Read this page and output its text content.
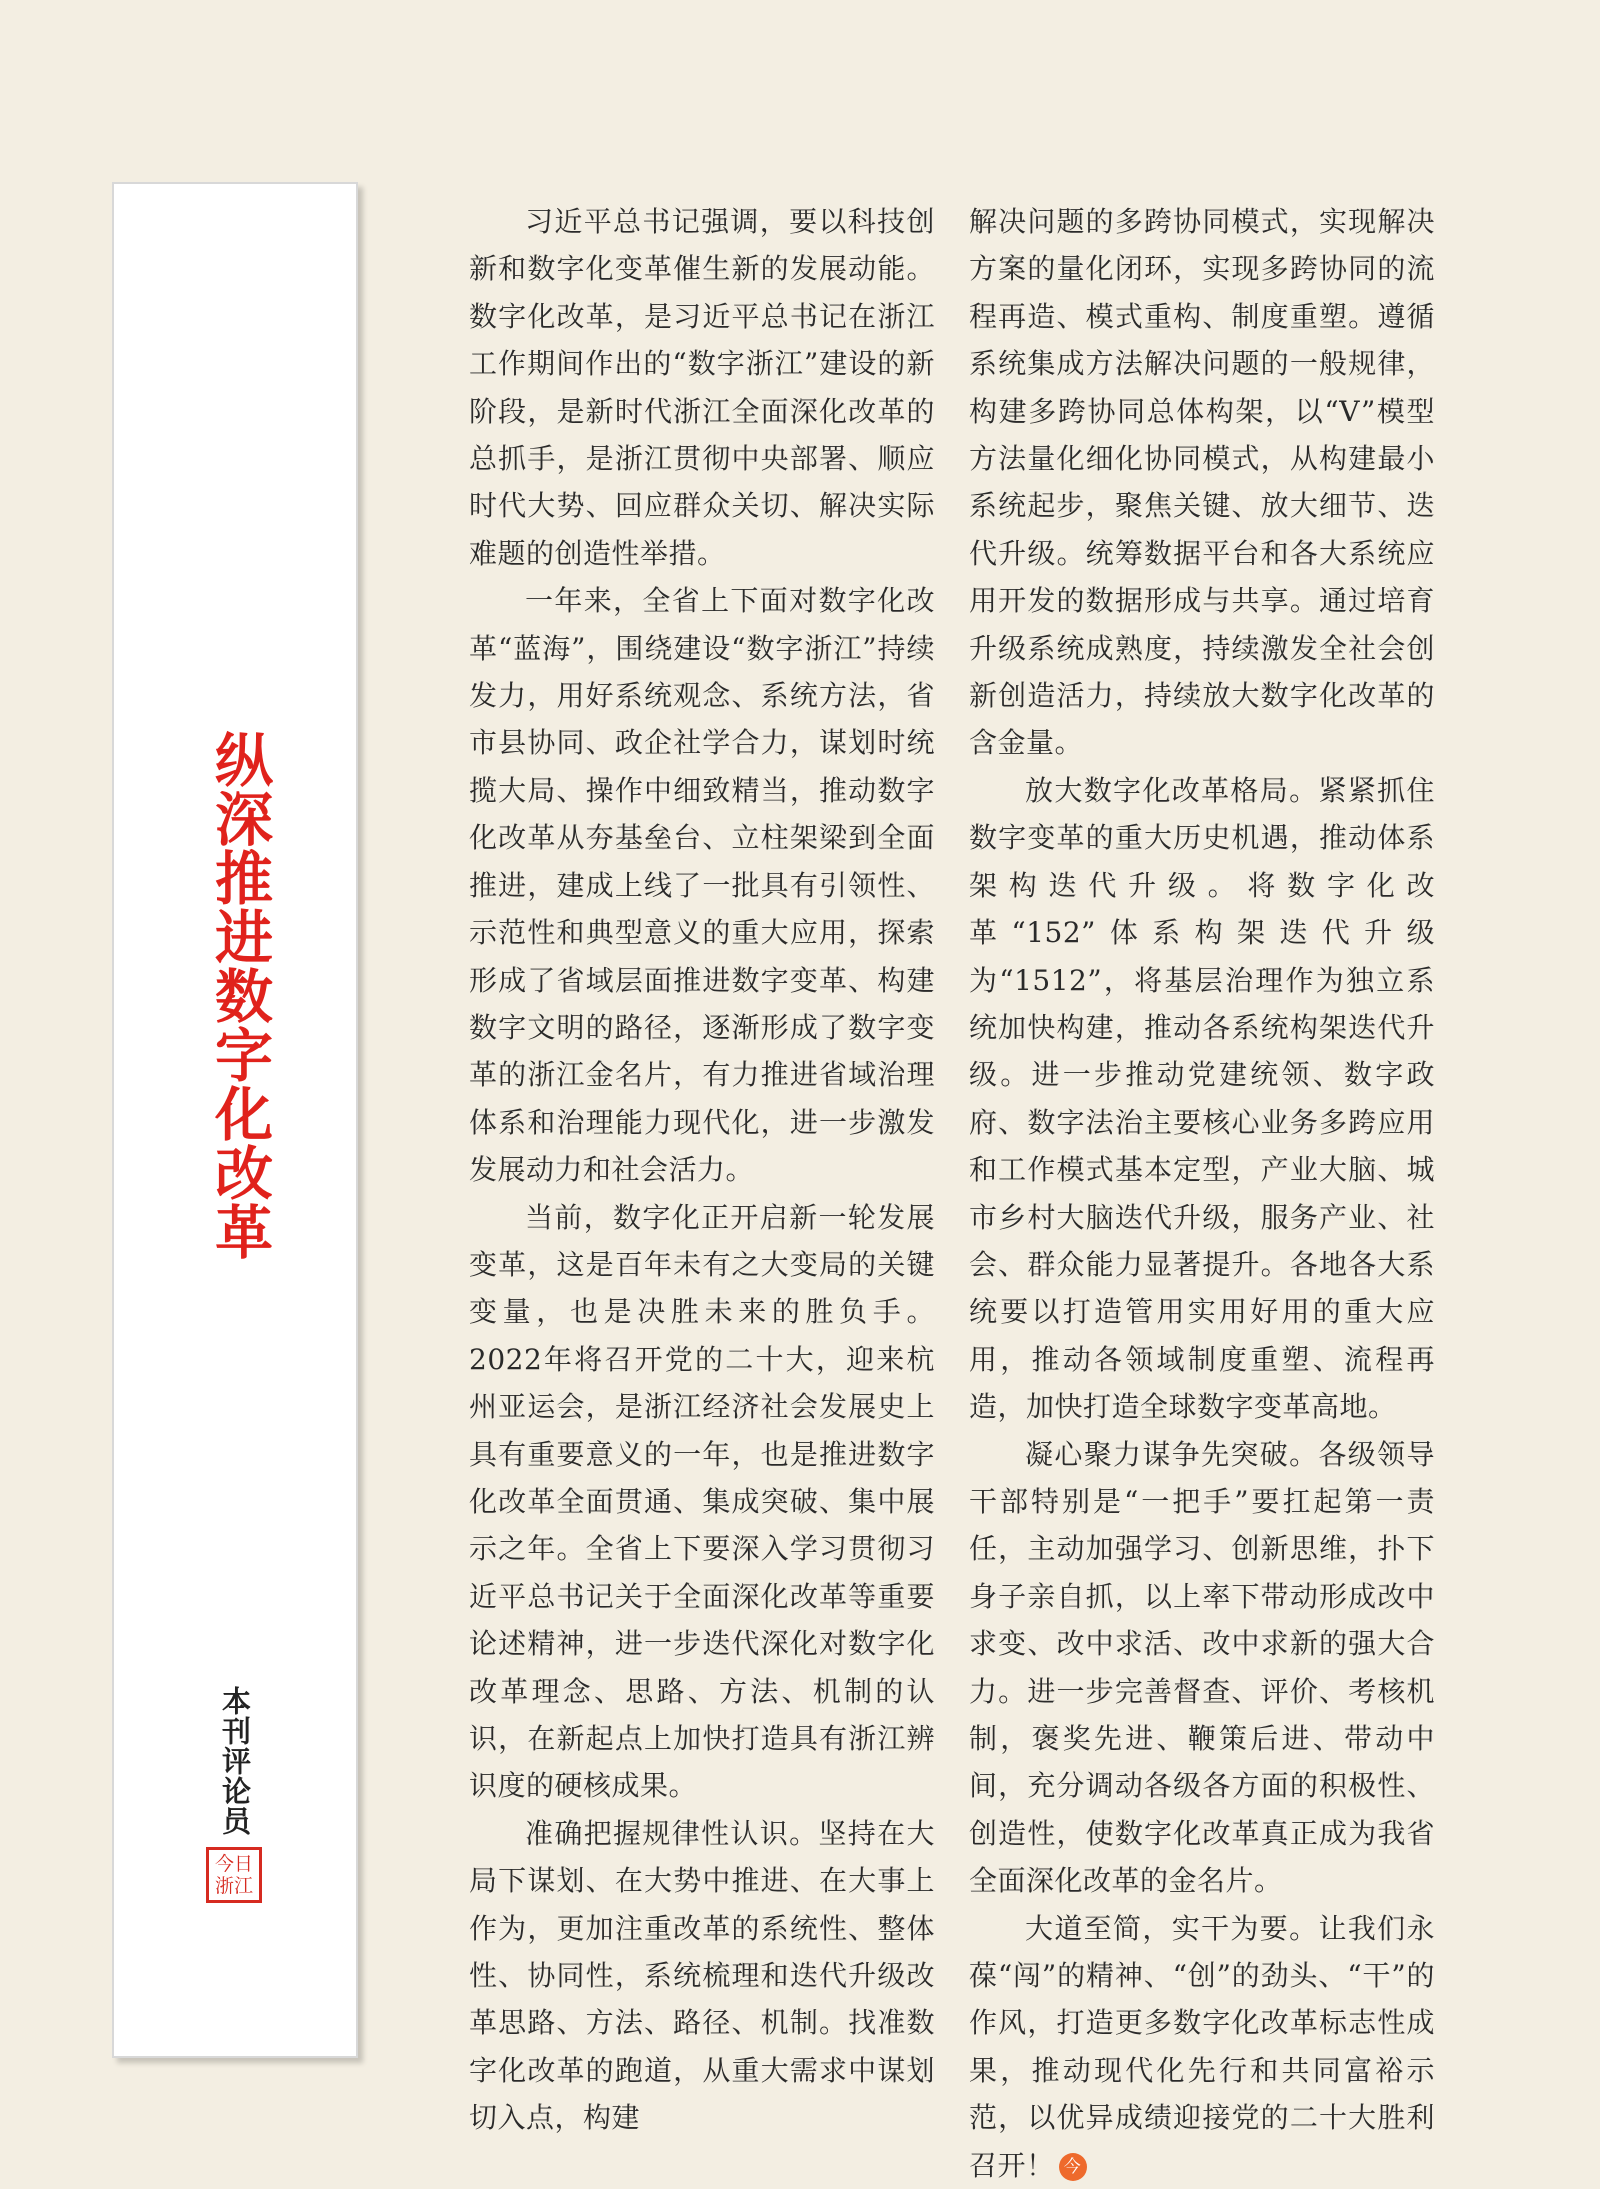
纵深推进数字化改革
本刊评论员
今日浙江

习近平总书记强调，要以科技创新和数字化变革催生新的发展动能。数字化改革，是习近平总书记在浙江工作期间作出的“数字浙江”建设的新阶段，是新时代浙江全面深化改革的总抓手，是浙江贯彻中央部署、顺应时代大势、回应群众关切、解决实际难题的创造性举措。

一年来，全省上下面对数字化改革“蓝海”，围绕建设“数字浙江”持续发力，用好系统观念、系统方法，省市县协同、政企社学合力，谋划时统揽大局、操作中细致精当，推动数字化改革从夯基垒台、立柱架梁到全面推进，建成上线了一批具有引领性、示范性和典型意义的重大应用，探索形成了省域层面推进数字变革、构建数字文明的路径，逐渐形成了数字变革的浙江金名片，有力推进省域治理体系和治理能力现代化，进一步激发发展动力和社会活力。

当前，数字化正开启新一轮发展变革，这是百年未有之大变局的关键变量，也是决胜未来的胜负手。2022年将召开党的二十大，迎来杭州亚运会，是浙江经济社会发展史上具有重要意义的一年，也是推进数字化改革全面贯通、集成突破、集中展示之年。全省上下要深入学习贯彻习近平总书记关于全面深化改革等重要论述精神，进一步迭代深化对数字化改革理念、思路、方法、机制的认识，在新起点上加快打造具有浙江辨识度的硬核成果。

准确把握规律性认识。坚持在大局下谋划、在大势中推进、在大事上作为，更加注重改革的系统性、整体性、协同性，系统梳理和迭代升级改革思路、方法、路径、机制。找准数字化改革的跑道，从重大需求中谋划切入点，构建

解决问题的多跨协同模式，实现解决方案的量化闭环，实现多跨协同的流程再造、模式重构、制度重塑。遵循系统集成方法解决问题的一般规律，构建多跨协同总体构架，以“V”模型方法量化细化协同模式，从构建最小系统起步，聚焦关键、放大细节、迭代升级。统筹数据平台和各大系统应用开发的数据形成与共享。通过培育升级系统成熟度，持续激发全社会创新创造活力，持续放大数字化改革的含金量。

放大数字化改革格局。紧紧抓住数字变革的重大历史机遇，推动体系架构迭代升级。将数字化改革“152”体系构架迭代升级为“1512”，将基层治理作为独立系统加快构建，推动各系统构架迭代升级。进一步推动党建统领、数字政府、数字法治主要核心业务多跨应用和工作模式基本定型，产业大脑、城市乡村大脑迭代升级，服务产业、社会、群众能力显著提升。各地各大系统要以打造管用实用好用的重大应用，推动各领域制度重塑、流程再造，加快打造全球数字变革高地。

凝心聚力谋争先突破。各级领导干部特别是“一把手”要扛起第一责任，主动加强学习、创新思维，扑下身子亲自抓，以上率下带动形成改中求变、改中求活、改中求新的强大合力。进一步完善督查、评价、考核机制，褒奖先进、鞭策后进、带动中间，充分调动各级各方面的积极性、创造性，使数字化改革真正成为我省全面深化改革的金名片。

大道至简，实干为要。让我们永葆“闯”的精神、“创”的劲头、“干”的作风，打造更多数字化改革标志性成果，推动现代化先行和共同富裕示范，以优异成绩迎接党的二十大胜利召开！ 今
